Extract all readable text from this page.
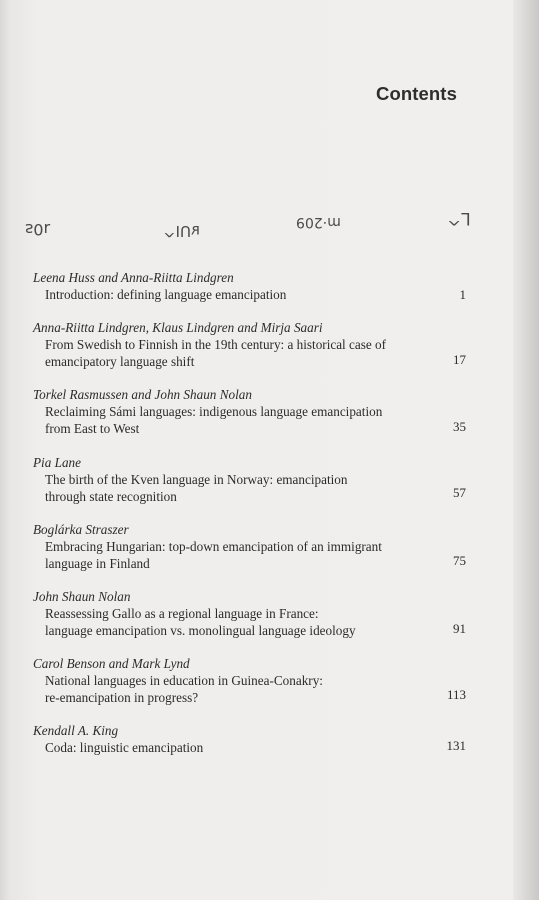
Contents
ɹ0ƨ	ʁUI^	m·209	L^
Leena Huss and Anna-Riitta Lindgren
Introduction: defining language emancipation	1
Anna-Riitta Lindgren, Klaus Lindgren and Mirja Saari
From Swedish to Finnish in the 19th century: a historical case of
emancipatory language shift	17
Torkel Rasmussen and John Shaun Nolan
Reclaiming Sámi languages: indigenous language emancipation
from East to West	35
Pia Lane
The birth of the Kven language in Norway: emancipation
through state recognition	57
Boglárka Straszer
Embracing Hungarian: top-down emancipation of an immigrant
language in Finland	75
John Shaun Nolan
Reassessing Gallo as a regional language in France:
language emancipation vs. monolingual language ideology	91
Carol Benson and Mark Lynd
National languages in education in Guinea-Conakry:
re-emancipation in progress?	113
Kendall A. King
Coda: linguistic emancipation	131
